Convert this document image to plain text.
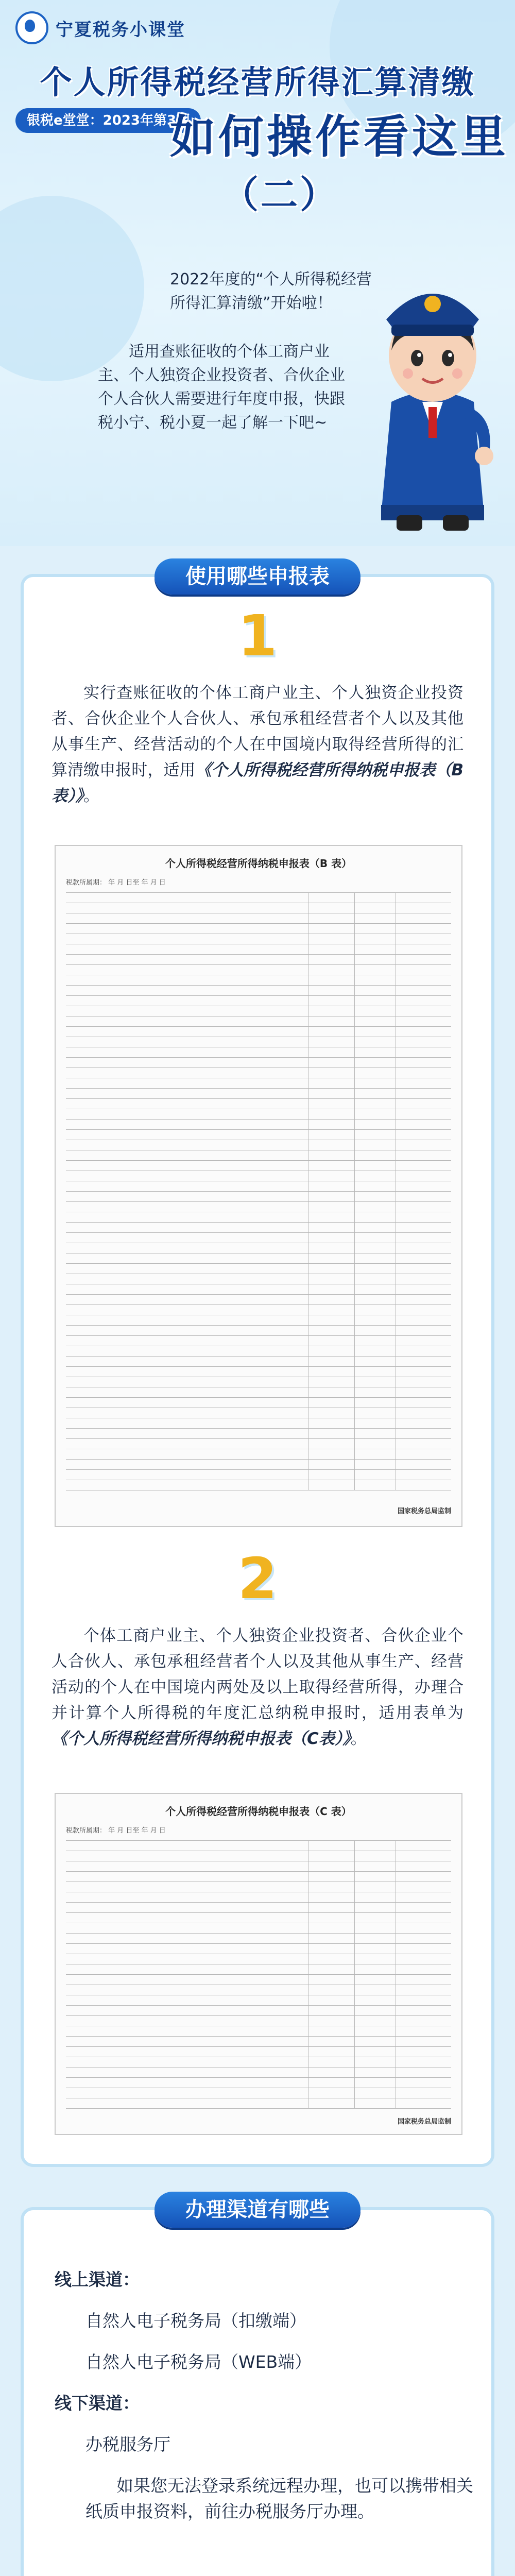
宁夏税务小课堂
个人所得税经营所得汇算清缴
银税e堂堂：2023年第3期
如何操作看这里
（二）
2022年度的“个人所得税经营所得汇算清缴”开始啦！
适用查账征收的个体工商户业主、个人独资企业投资者、合伙企业个人合伙人需要进行年度申报，快跟税小宁、税小夏一起了解一下吧~
使用哪些申报表
1
实行查账征收的个体工商户业主、个人独资企业投资者、合伙企业个人合伙人、承包承租经营者个人以及其他从事生产、经营活动的个人在中国境内取得经营所得的汇算清缴申报时，适用《个人所得税经营所得纳税申报表（B表）》。
个人所得税经营所得纳税申报表（B 表）
税款所属期： 年 月 日至 年 月 日
国家税务总局监制
2
个体工商户业主、个人独资企业投资者、合伙企业个人合伙人、承包承租经营者个人以及其他从事生产、经营活动的个人在中国境内两处及以上取得经营所得，办理合并计算个人所得税的年度汇总纳税申报时，适用表单为《个人所得税经营所得纳税申报表（C表）》。
个人所得税经营所得纳税申报表（C 表）
税款所属期： 年 月 日至 年 月 日
国家税务总局监制
办理渠道有哪些
线上渠道：
自然人电子税务局（扣缴端）
自然人电子税务局（WEB端）
线下渠道：
办税服务厅
如果您无法登录系统远程办理，也可以携带相关纸质申报资料，前往办税服务厅办理。
